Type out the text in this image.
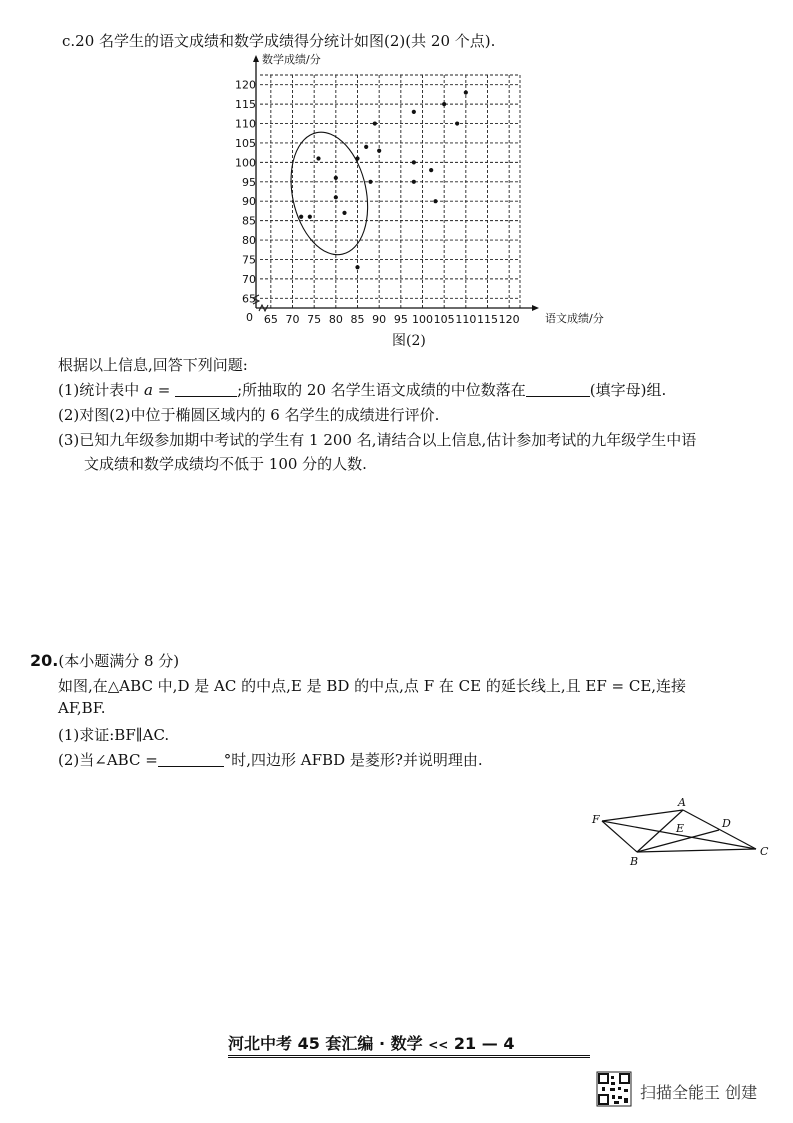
c.20 名学生的语文成绩和数学成绩得分统计如图(2)(共 20 个点).
65 70 75 80 85 90 95 100 105 110 115 120
65
70
75
80
85
90
95
100
105
110
115
120
数学成绩/分
语文成绩/分
0
图(2)
根据以上信息,回答下列问题:
(1)统计表中 a =	;所抽取的 20 名学生语文成绩的中位数落在	(填字母)组.
(2)对图(2)中位于椭圆区域内的 6 名学生的成绩进行评价.
(3)已知九年级参加期中考试的学生有 1 200 名,请结合以上信息,估计参加考试的九年级学生中语
文成绩和数学成绩均不低于 100 分的人数.
20.(本小题满分 8 分)
如图,在△ABC 中,D 是 AC 的中点,E 是 BD 的中点,点 F 在 CE 的延长线上,且 EF = CE,连接
AF,BF.
(1)求证:BF∥AC.
(2)当∠ABC =	°时,四边形 AFBD 是菱形?并说明理由.
A
B
C
D
E
F
河北中考 45 套汇编 · 数学 << 21 — 4
扫描全能王 创建
